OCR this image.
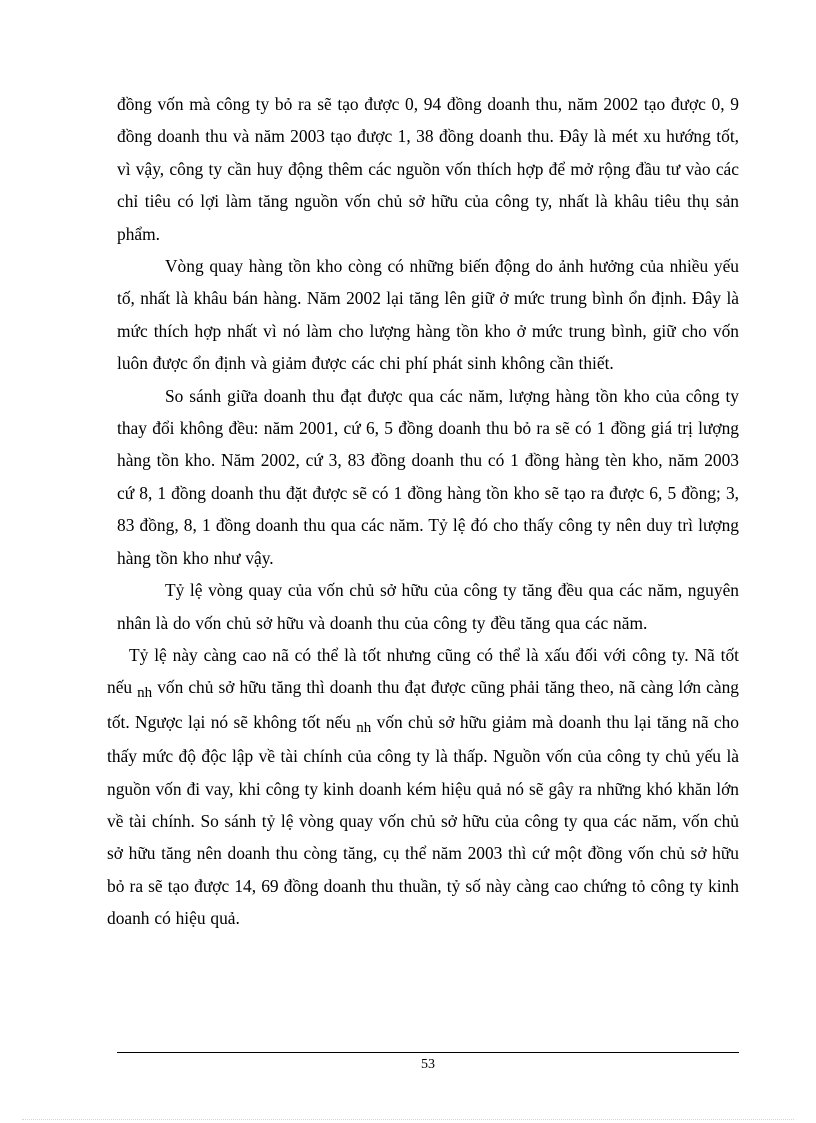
đồng vốn mà công ty bỏ ra sẽ tạo được 0, 94 đồng doanh thu, năm 2002 tạo được 0, 9 đồng doanh thu và năm 2003 tạo được 1, 38 đồng doanh thu. Đây là mét xu hướng tốt, vì vậy, công ty cần huy động thêm các nguồn vốn thích hợp để mở rộng đầu tư vào các chỉ tiêu có lợi làm tăng nguồn vốn chủ sở hữu của công ty, nhất là khâu tiêu thụ sản phẩm.

Vòng quay hàng tồn kho còng có những biến động do ảnh hưởng của nhiều yếu tố, nhất là khâu bán hàng. Năm 2002 lại tăng lên giữ ở mức trung bình ổn định. Đây là mức thích hợp nhất vì nó làm cho lượng hàng tồn kho ở mức trung bình, giữ cho vốn luôn được ổn định và giảm được các chi phí phát sinh không cần thiết.

So sánh giữa doanh thu đạt được qua các năm, lượng hàng tồn kho của công ty thay đổi không đều: năm 2001, cứ 6, 5 đồng doanh thu bỏ ra sẽ có 1 đồng giá trị lượng hàng tồn kho. Năm 2002, cứ 3, 83 đồng doanh thu có 1 đồng hàng tèn kho, năm 2003 cứ 8, 1 đồng doanh thu đặt được sẽ có 1 đồng hàng tồn kho sẽ tạo ra được 6, 5 đồng; 3, 83 đồng, 8, 1 đồng doanh thu qua các năm. Tỷ lệ đó cho thấy công ty nên duy trì lượng hàng tồn kho như vậy.

Tỷ lệ vòng quay của vốn chủ sở hữu của công ty tăng đều qua các năm, nguyên nhân là do vốn chủ sở hữu và doanh thu của công ty đều tăng qua các năm.

Tỷ lệ này càng cao nã có thể là tốt nhưng cũng có thể là xấu đối với công ty. Nã tốt nếu nh vốn chủ sở hữu tăng thì doanh thu đạt được cũng phải tăng theo, nã càng lớn càng tốt. Ngược lại nó sẽ không tốt nếu nh vốn chủ sở hữu giảm mà doanh thu lại tăng nã cho thấy mức độ độc lập về tài chính của công ty là thấp. Nguồn vốn của công ty chủ yếu là nguồn vốn đi vay, khi công ty kinh doanh kém hiệu quả nó sẽ gây ra những khó khăn lớn về tài chính. So sánh tỷ lệ vòng quay vốn chủ sở hữu của công ty qua các năm, vốn chủ sở hữu tăng nên doanh thu còng tăng, cụ thể năm 2003 thì cứ một đồng vốn chủ sở hữu bỏ ra sẽ tạo được 14, 69 đồng doanh thu thuần, tỷ số này càng cao chứng tỏ công ty kinh doanh có hiệu quả.

53
